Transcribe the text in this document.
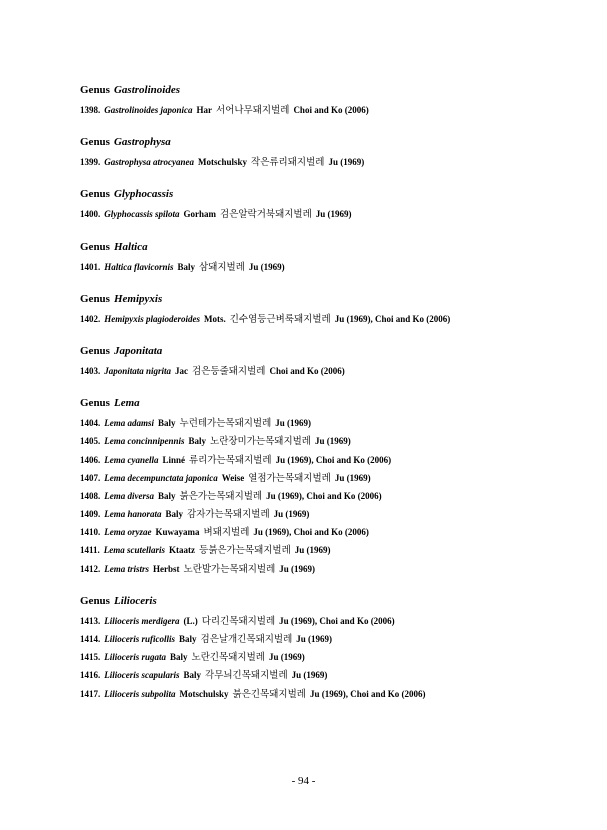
Genus Gastrolinoides
1398. Gastrolinoides japonica Har 서어나무돼지벌레 Choi and Ko (2006)
Genus Gastrophysa
1399. Gastrophysa atrocyanea Motschulsky 작은류리돼지벌레 Ju (1969)
Genus Glyphocassis
1400. Glyphocassis spilota Gorham 검은알락거북돼지벌레 Ju (1969)
Genus Haltica
1401. Haltica flavicornis Baly 삼돼지벌레 Ju (1969)
Genus Hemipyxis
1402. Hemipyxis plagioderoides Mots. 긴수염등근벼룩돼지벌레 Ju (1969), Choi and Ko (2006)
Genus Japonitata
1403. Japonitata nigrita Jac 검은등줄돼지벌레 Choi and Ko (2006)
Genus Lema
1404. Lema adamsi Baly 누런테가는목돼지벌레 Ju (1969)
1405. Lema concinnipennis Baly 노란장미가는목돼지벌레 Ju (1969)
1406. Lema cyanella Linné 류리가는목돼지벌레 Ju (1969), Choi and Ko (2006)
1407. Lema decempunctata japonica Weise 열점가는목돼지벌레 Ju (1969)
1408. Lema diversa Baly 붉은가는목돼지벌레 Ju (1969), Choi and Ko (2006)
1409. Lema hanorata Baly 감자가는목돼지벌레 Ju (1969)
1410. Lema oryzae Kuwayama 벼돼지벌레 Ju (1969), Choi and Ko (2006)
1411. Lema scutellaris Ktaatz 등붉은가는목돼지벌레 Ju (1969)
1412. Lema tristrs Herbst 노란발가는목돼지벌레 Ju (1969)
Genus Lilioceris
1413. Lilioceris merdigera (L.) 다리긴목돼지벌레 Ju (1969), Choi and Ko (2006)
1414. Lilioceris ruficollis Baly 검은날개긴목돼지벌레 Ju (1969)
1415. Lilioceris rugata Baly 노란긴목돼지벌레 Ju (1969)
1416. Lilioceris scapularis Baly 각무늬긴목돼지벌레 Ju (1969)
1417. Lilioceris subpolita Motschulsky 붉은긴목돼지벌레 Ju (1969), Choi and Ko (2006)
- 94 -
